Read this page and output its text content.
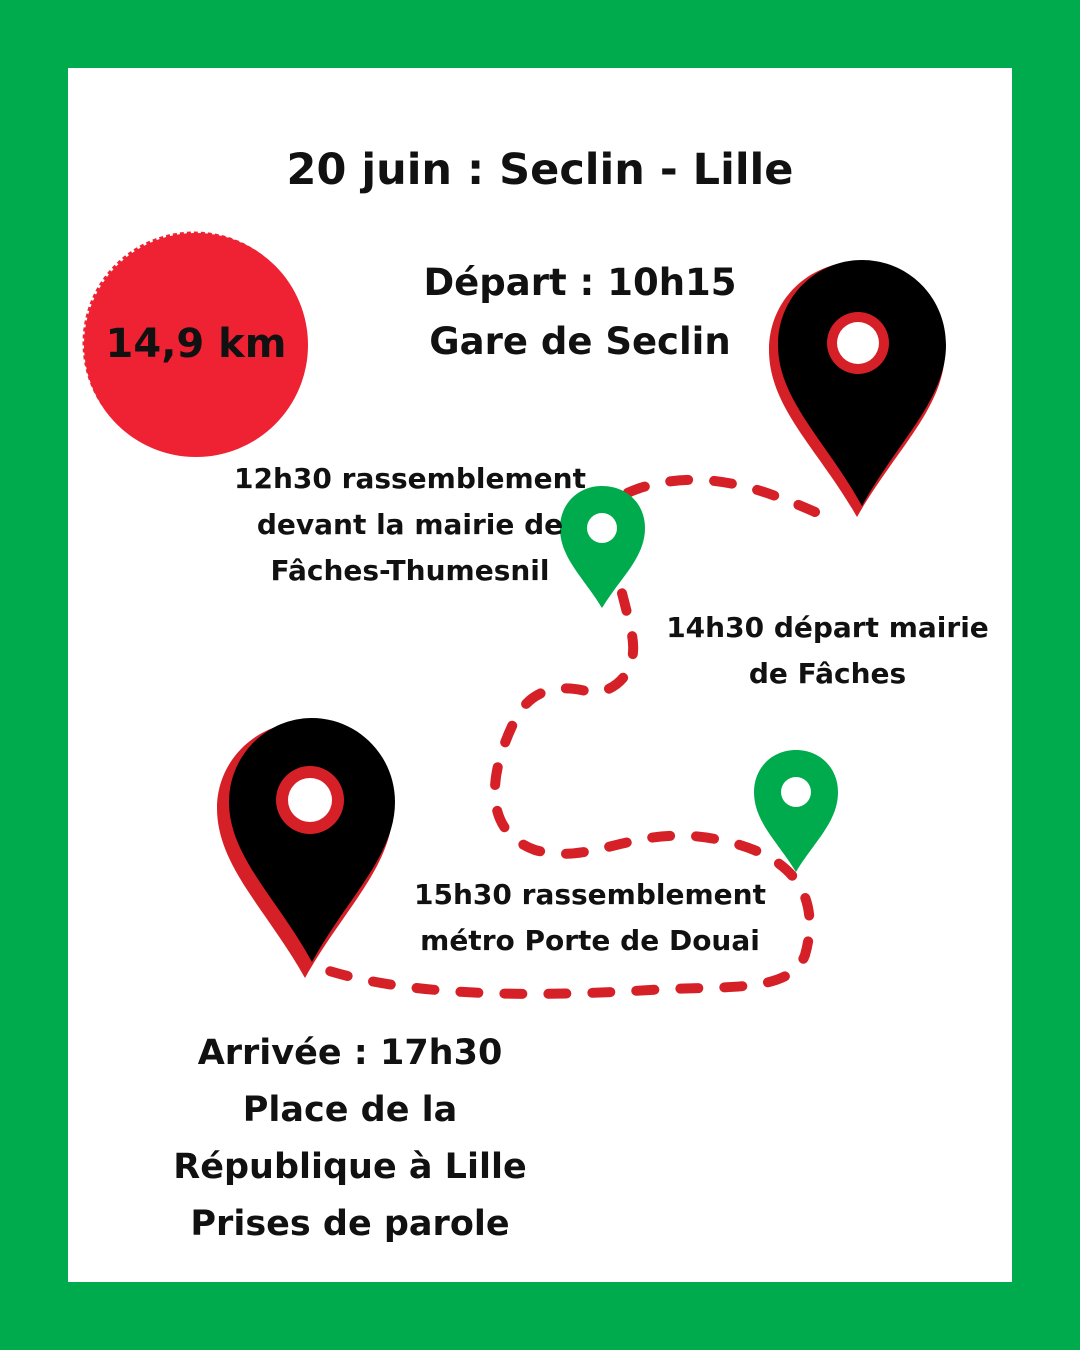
20 juin : Seclin - Lille
14,9 km
Départ : 10h15
Gare de Seclin
12h30 rassemblement
devant la mairie de
Fâches-Thumesnil
14h30 départ mairie
de Fâches
15h30 rassemblement
métro Porte de Douai
Arrivée : 17h30
Place de la
République à Lille
Prises de parole
